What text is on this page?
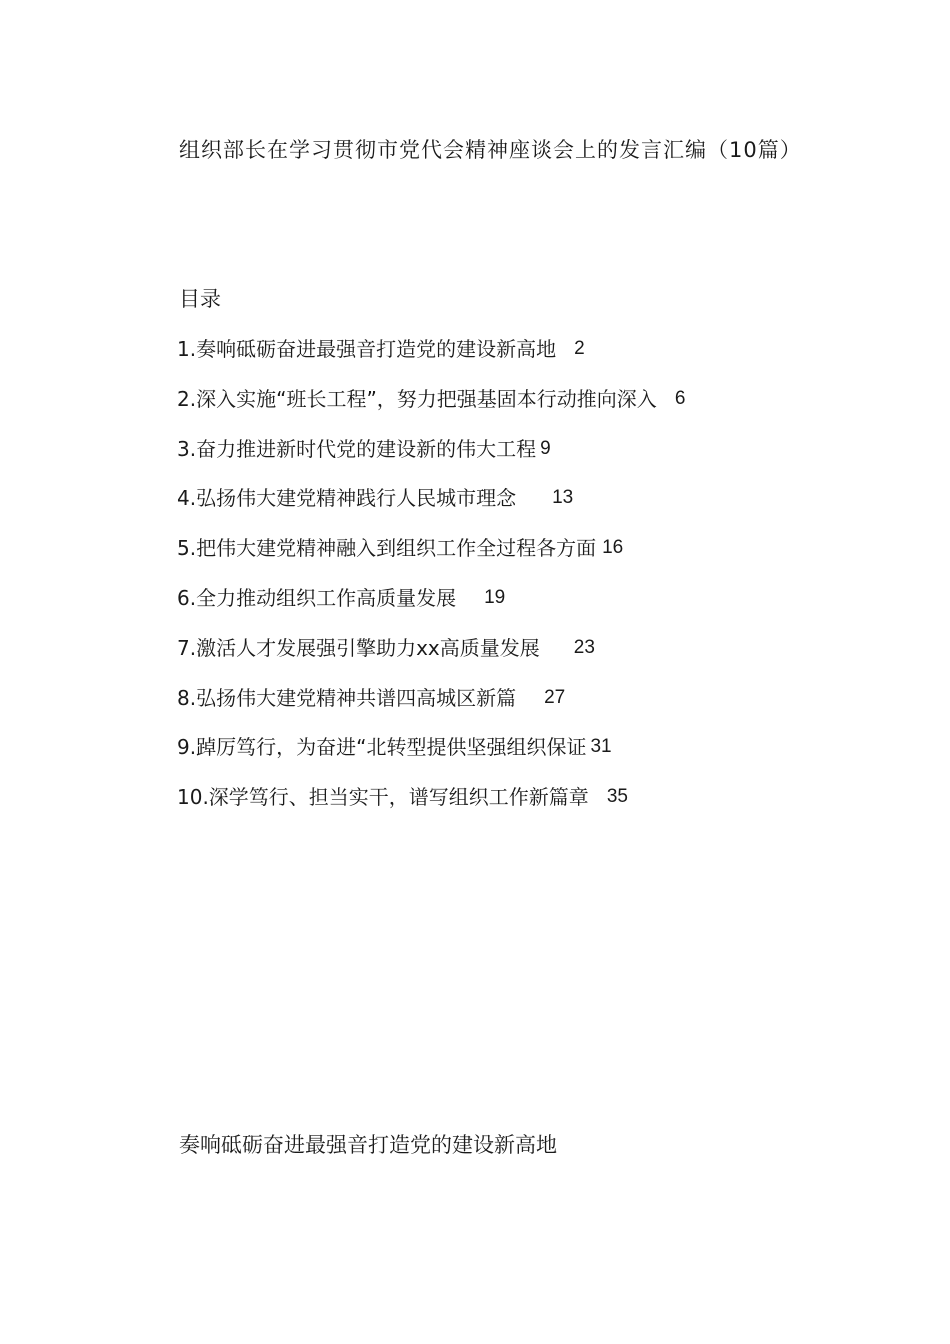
组织部长在学习贯彻市党代会精神座谈会上的发言汇编（10篇）
目录
1.奏响砥砺奋进最强音打造党的建设新高地 2
2.深入实施“班长工程”，努力把强基固本行动推向深入 6
3.奋力推进新时代党的建设新的伟大工程 9
4.弘扬伟大建党精神践行人民城市理念 13
5.把伟大建党精神融入到组织工作全过程各方面 16
6.全力推动组织工作高质量发展 19
7.激活人才发展强引擎助力xx高质量发展 23
8.弘扬伟大建党精神共谱四高城区新篇 27
9.踔厉笃行，为奋进“北转型提供坚强组织保证 31
10.深学笃行、担当实干，谱写组织工作新篇章 35
奏响砥砺奋进最强音打造党的建设新高地
